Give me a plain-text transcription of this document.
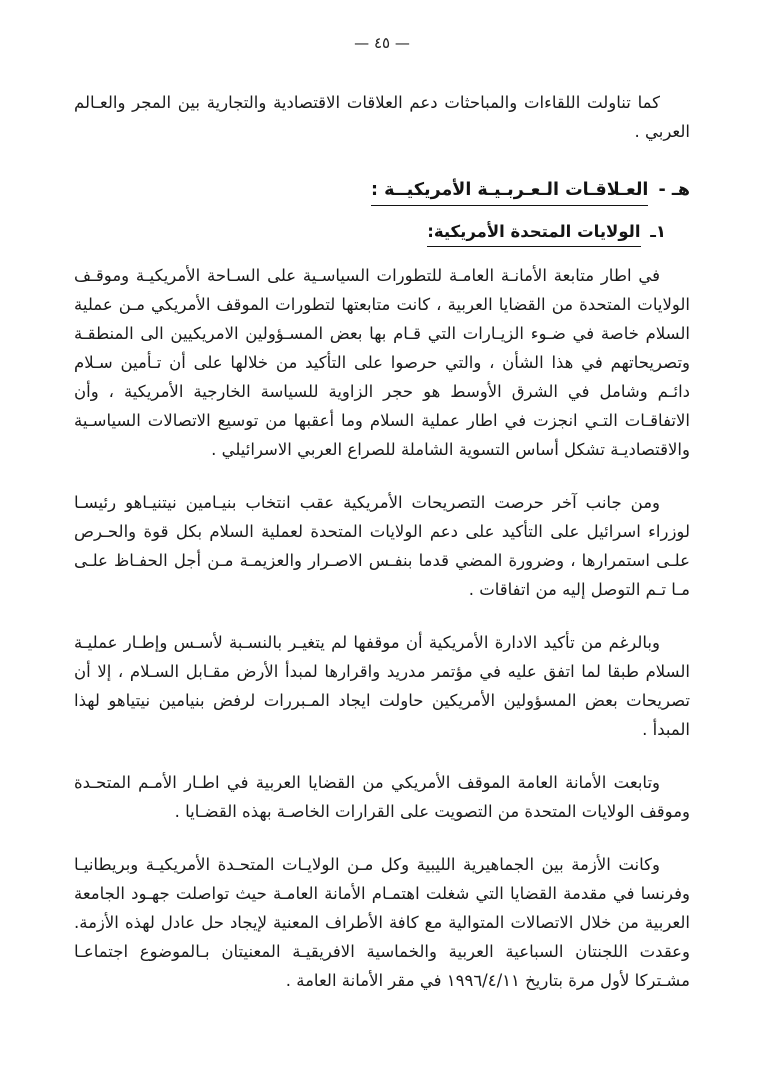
— ٤٥ —

كما تناولت اللقاءات والمباحثات دعم العلاقات الاقتصادية والتجارية بين المجر والعـالم العربي .

هـ - العـلاقـات الـعـربـيـة الأمريكيــة :
١ـ الولايات المتحدة الأمريكية:

في اطار متابعة الأمانـة العامـة للتطورات السياسـية على السـاحة الأمريكيـة وموقـف الولايات المتحدة من القضايا العربية ، كانت متابعتها لتطورات الموقف الأمريكي مـن عملية السلام خاصة في ضـوء الزيـارات التي قـام بها بعض المسـؤولين الامريكيين الى المنطقـة وتصريحاتهم في هذا الشأن ، والتي حرصوا على التأكيد من خلالها على أن تـأمين سـلام دائـم وشامل في الشرق الأوسط هو حجر الزاوية للسياسة الخارجية الأمريكية ، وأن الاتفاقـات التـي انجزت في اطار عملية السلام وما أعقبها من توسيع الاتصالات السياسـية والاقتصاديـة تشكل أساس التسوية الشاملة للصراع العربي الاسرائيلي .

ومن جانب آخر حرصت التصريحات الأمريكية عقب انتخاب بنيـامين نيتنيـاهو رئيسـا لوزراء اسرائيل على التأكيد على دعم الولايات المتحدة لعملية السلام بكل قوة والحـرص علـى استمرارها ، وضرورة المضي قدما بنفـس الاصـرار والعزيمـة مـن أجل الحفـاظ علـى مـا تـم التوصل إليه من اتفاقات .

وبالرغم من تأكيد الادارة الأمريكية أن موقفها لم يتغيـر بالنسـبة لأسـس وإطـار عمليـة السلام طبقا لما اتفق عليه في مؤتمر مدريد واقرارها لمبدأ الأرض مقـابل السـلام ، إلا أن تصريحات بعض المسؤولين الأمريكين حاولت ايجاد المـبررات لرفض بنيامين نيتياهو لهذا المبدأ .

وتابعت الأمانة العامة الموقف الأمريكي من القضايا العربية في اطـار الأمـم المتحـدة وموقف الولايات المتحدة من التصويت على القرارات الخاصـة بهذه القضـايا .

وكانت الأزمة بين الجماهيرية الليبية وكل مـن الولايـات المتحـدة الأمريكيـة وبريطانيـا وفرنسا في مقدمة القضايا التي شغلت اهتمـام الأمانة العامـة حيث تواصلت جهـود الجامعة العربية من خلال الاتصالات المتوالية مع كافة الأطراف المعنية لإيجاد حل عادل لهذه الأزمة. وعقدت اللجنتان السباعية العربية والخماسية الافريقيـة المعنيتان بـالموضوع اجتماعـا مشـتركا لأول مرة بتاريخ ١٩٩٦/٤/١١ في مقر الأمانة العامة .
